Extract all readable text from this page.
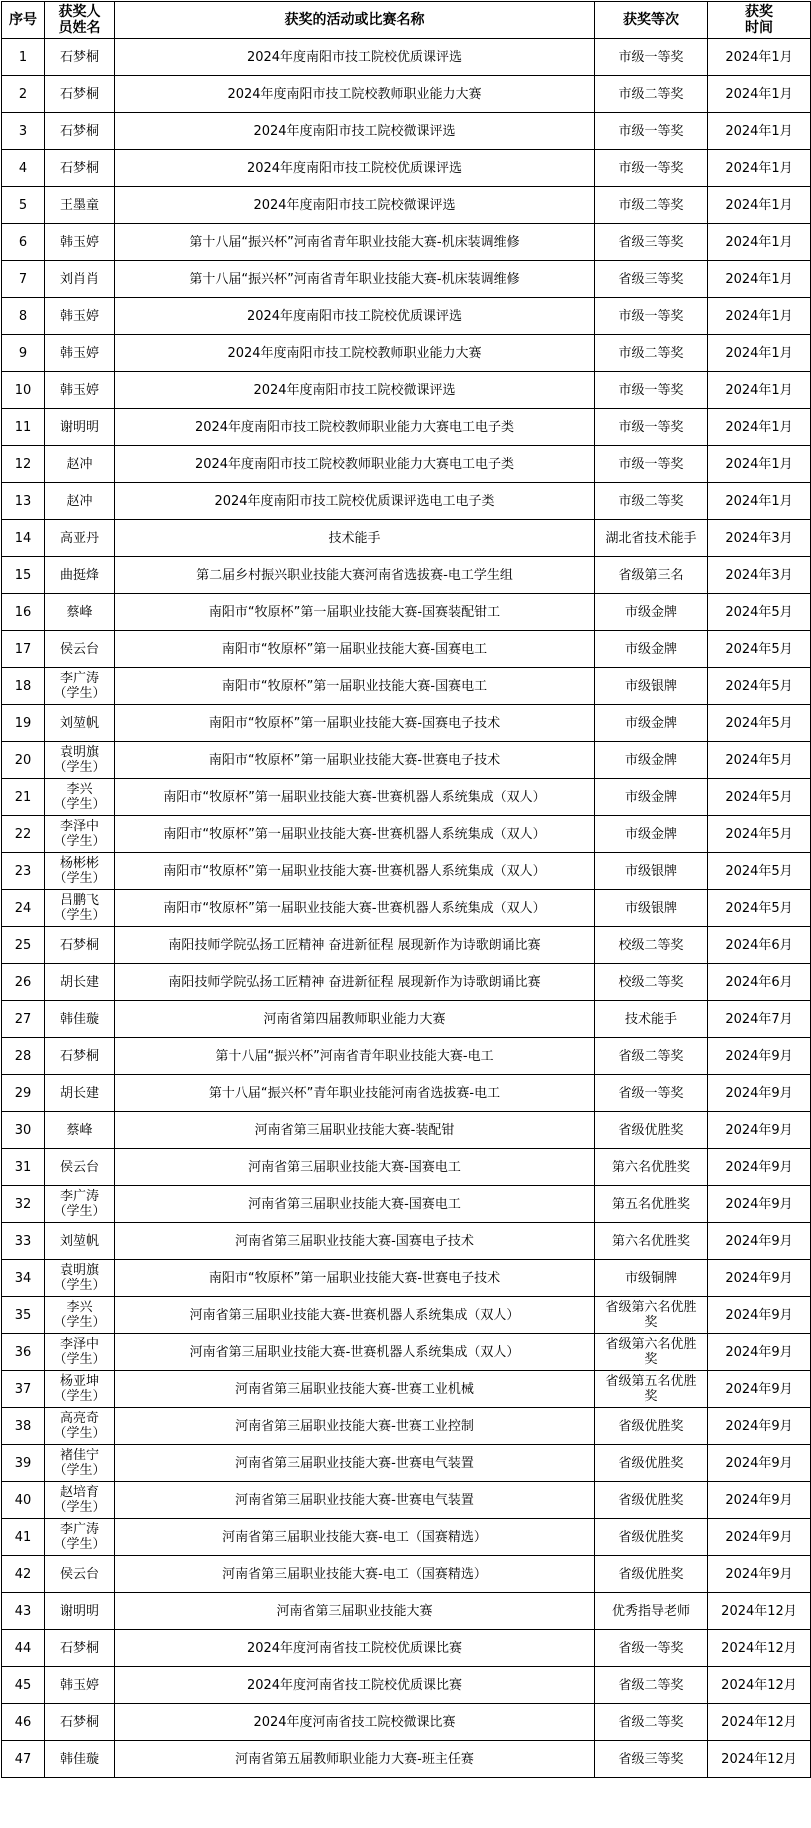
序号	获奖人
员姓名	获奖的活动或比赛名称	获奖等次	获奖
时间
1	石梦桐	2024年度南阳市技工院校优质课评选	市级一等奖	2024年1月
2	石梦桐	2024年度南阳市技工院校教师职业能力大赛	市级二等奖	2024年1月
3	石梦桐	2024年度南阳市技工院校微课评选	市级一等奖	2024年1月
4	石梦桐	2024年度南阳市技工院校优质课评选	市级一等奖	2024年1月
5	王墨童	2024年度南阳市技工院校微课评选	市级二等奖	2024年1月
6	韩玉婷	第十八届“振兴杯”河南省青年职业技能大赛-机床装调维修	省级三等奖	2024年1月
7	刘肖肖	第十八届“振兴杯”河南省青年职业技能大赛-机床装调维修	省级三等奖	2024年1月
8	韩玉婷	2024年度南阳市技工院校优质课评选	市级一等奖	2024年1月
9	韩玉婷	2024年度南阳市技工院校教师职业能力大赛	市级二等奖	2024年1月
10	韩玉婷	2024年度南阳市技工院校微课评选	市级一等奖	2024年1月
11	谢明明	2024年度南阳市技工院校教师职业能力大赛电工电子类	市级一等奖	2024年1月
12	赵冲	2024年度南阳市技工院校教师职业能力大赛电工电子类	市级一等奖	2024年1月
13	赵冲	2024年度南阳市技工院校优质课评选电工电子类	市级二等奖	2024年1月
14	高亚丹	技术能手	湖北省技术能手	2024年3月
15	曲挺烽	第二届乡村振兴职业技能大赛河南省选拔赛-电工学生组	省级第三名	2024年3月
16	蔡峰	南阳市“牧原杯”第一届职业技能大赛-国赛装配钳工	市级金牌	2024年5月
17	侯云台	南阳市“牧原杯”第一届职业技能大赛-国赛电工	市级金牌	2024年5月
18	李广涛
（学生）	南阳市“牧原杯”第一届职业技能大赛-国赛电工	市级银牌	2024年5月
19	刘堃帆	南阳市“牧原杯”第一届职业技能大赛-国赛电子技术	市级金牌	2024年5月
20	袁明旗
（学生）	南阳市“牧原杯”第一届职业技能大赛-世赛电子技术	市级金牌	2024年5月
21	李兴
（学生）	南阳市“牧原杯”第一届职业技能大赛-世赛机器人系统集成（双人）	市级金牌	2024年5月
22	李泽中
（学生）	南阳市“牧原杯”第一届职业技能大赛-世赛机器人系统集成（双人）	市级金牌	2024年5月
23	杨彬彬
（学生）	南阳市“牧原杯”第一届职业技能大赛-世赛机器人系统集成（双人）	市级银牌	2024年5月
24	吕鹏飞
（学生）	南阳市“牧原杯”第一届职业技能大赛-世赛机器人系统集成（双人）	市级银牌	2024年5月
25	石梦桐	南阳技师学院弘扬工匠精神 奋进新征程 展现新作为诗歌朗诵比赛	校级二等奖	2024年6月
26	胡长建	南阳技师学院弘扬工匠精神 奋进新征程 展现新作为诗歌朗诵比赛	校级二等奖	2024年6月
27	韩佳璇	河南省第四届教师职业能力大赛	技术能手	2024年7月
28	石梦桐	第十八届“振兴杯”河南省青年职业技能大赛-电工	省级二等奖	2024年9月
29	胡长建	第十八届“振兴杯”青年职业技能河南省选拔赛-电工	省级一等奖	2024年9月
30	蔡峰	河南省第三届职业技能大赛-装配钳	省级优胜奖	2024年9月
31	侯云台	河南省第三届职业技能大赛-国赛电工	第六名优胜奖	2024年9月
32	李广涛
（学生）	河南省第三届职业技能大赛-国赛电工	第五名优胜奖	2024年9月
33	刘堃帆	河南省第三届职业技能大赛-国赛电子技术	第六名优胜奖	2024年9月
34	袁明旗
（学生）	南阳市“牧原杯”第一届职业技能大赛-世赛电子技术	市级铜牌	2024年9月
35	李兴
（学生）	河南省第三届职业技能大赛-世赛机器人系统集成（双人）	省级第六名优胜
奖	2024年9月
36	李泽中
（学生）	河南省第三届职业技能大赛-世赛机器人系统集成（双人）	省级第六名优胜
奖	2024年9月
37	杨亚坤
（学生）	河南省第三届职业技能大赛-世赛工业机械	省级第五名优胜
奖	2024年9月
38	高亮奇
（学生）	河南省第三届职业技能大赛-世赛工业控制	省级优胜奖	2024年9月
39	褚佳宁
（学生）	河南省第三届职业技能大赛-世赛电气装置	省级优胜奖	2024年9月
40	赵培育
（学生）	河南省第三届职业技能大赛-世赛电气装置	省级优胜奖	2024年9月
41	李广涛
（学生）	河南省第三届职业技能大赛-电工（国赛精选）	省级优胜奖	2024年9月
42	侯云台	河南省第三届职业技能大赛-电工（国赛精选）	省级优胜奖	2024年9月
43	谢明明	河南省第三届职业技能大赛	优秀指导老师	2024年12月
44	石梦桐	2024年度河南省技工院校优质课比赛	省级一等奖	2024年12月
45	韩玉婷	2024年度河南省技工院校优质课比赛	省级二等奖	2024年12月
46	石梦桐	2024年度河南省技工院校微课比赛	省级二等奖	2024年12月
47	韩佳璇	河南省第五届教师职业能力大赛-班主任赛	省级三等奖	2024年12月
